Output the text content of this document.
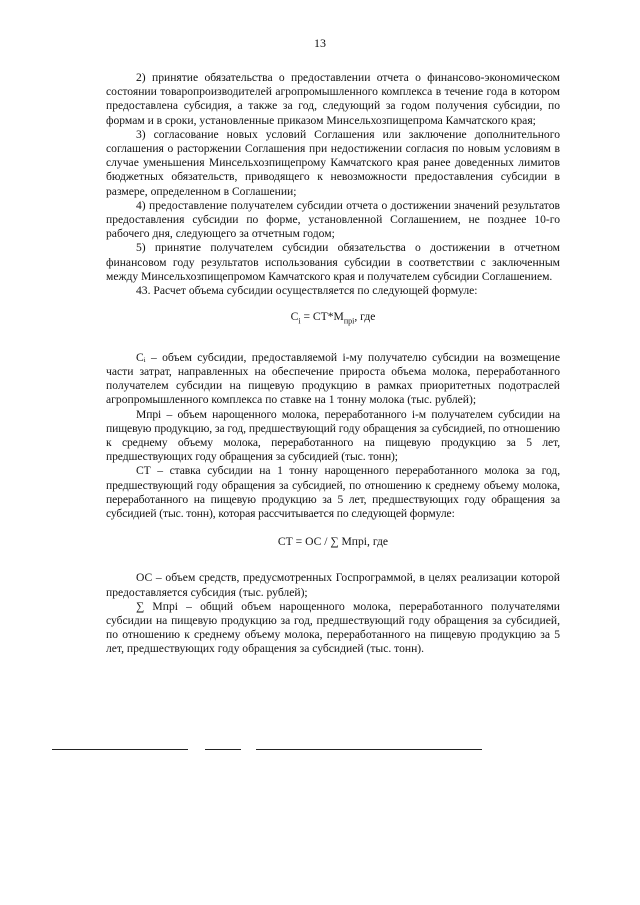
13

2) принятие обязательства о предоставлении отчета о финансово-экономическом состоянии товаропроизводителей агропромышленного комплекса в течение года в котором предоставлена субсидия, а также за год, следующий за годом получения субсидии, по формам и в сроки, установленные приказом Минсельхозпищепрома Камчатского края;

3) согласование новых условий Соглашения или заключение дополнительного соглашения о расторжении Соглашения при недостижении согласия по новым условиям в случае уменьшения Минсельхозпищепрому Камчатского края ранее доведенных лимитов бюджетных обязательств, приводящего к невозможности предоставления субсидии в размере, определенном в Соглашении;

4) предоставление получателем субсидии отчета о достижении значений результатов предоставления субсидии по форме, установленной Соглашением, не позднее 10-го рабочего дня, следующего за отчетным годом;

5) принятие получателем субсидии обязательства о достижении в отчетном финансовом году результатов использования субсидии в соответствии с заключенным между Минсельхозпищепромом Камчатского края и получателем субсидии Соглашением.

43. Расчет объема субсидии осуществляется по следующей формуле:

$C_i = СТ*М_{прi}$, где

Cᵢ – объем субсидии, предоставляемой i-му получателю субсидии на возмещение части затрат, направленных на обеспечение прироста объема молока, переработанного получателем субсидии на пищевую продукцию в рамках приоритетных подотраслей агропромышленного комплекса по ставке на 1 тонну молока (тыс. рублей);

Mпрi – объем нарощенного молока, переработанного i-м получателем субсидии на пищевую продукцию, за год, предшествующий году обращения за субсидией, по отношению к среднему объему молока, переработанного на пищевую продукцию за 5 лет, предшествующих году обращения за субсидией (тыс. тонн);

СТ – ставка субсидии на 1 тонну нарощенного переработанного молока за год, предшествующий году обращения за субсидией, по отношению к среднему объему молока, переработанного на пищевую продукцию за 5 лет, предшествующих году обращения за субсидией (тыс. тонн), которая рассчитывается по следующей формуле:

СТ = ОС / ∑ Мпрi, где

ОС – объем средств, предусмотренных Госпрограммой, в целях реализации которой предоставляется субсидия (тыс. рублей);

∑ Мпрi – общий объем нарощенного молока, переработанного получателями субсидии на пищевую продукцию за год, предшествующий году обращения за субсидией, по отношению к среднему объему молока, переработанного на пищевую продукцию за 5 лет, предшествующих году обращения за субсидией (тыс. тонн).
